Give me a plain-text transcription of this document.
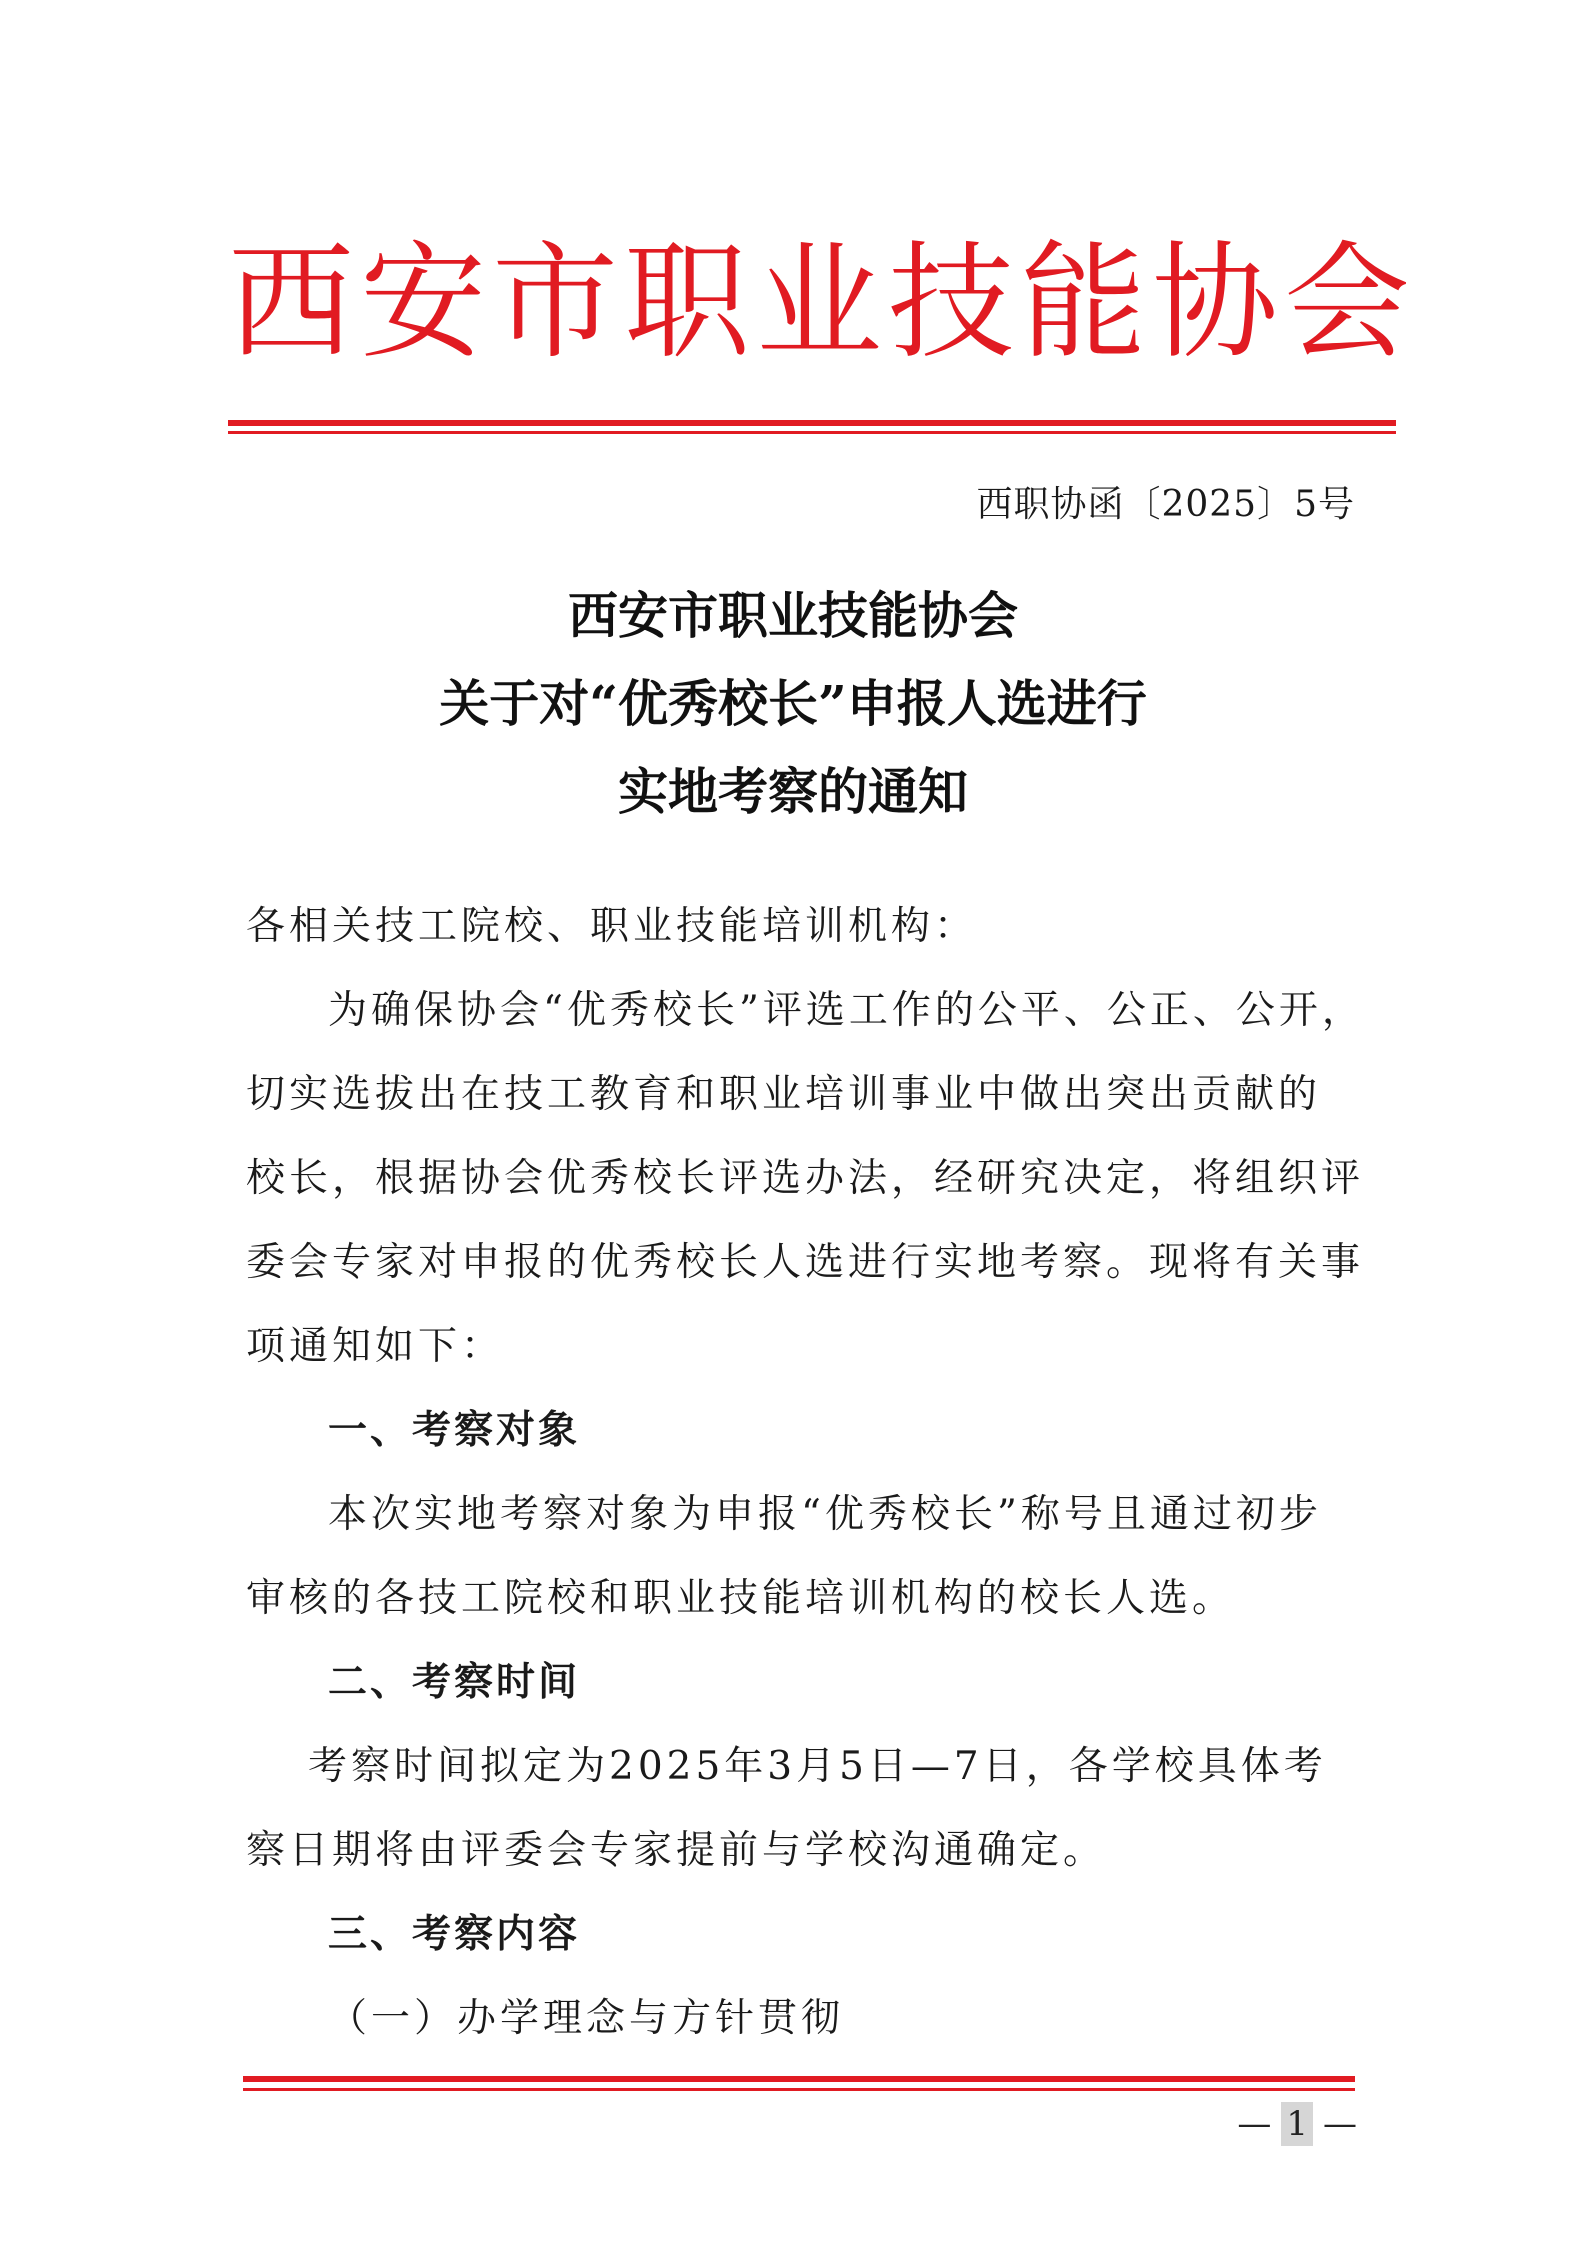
西安市职业技能协会
西职协函〔2025〕5号
西安市职业技能协会
关于对“优秀校长”申报人选进行
实地考察的通知

各相关技工院校、职业技能培训机构：

为确保协会“优秀校长”评选工作的公平、公正、公开，

切实选拔出在技工教育和职业培训事业中做出突出贡献的

校长，根据协会优秀校长评选办法，经研究决定，将组织评

委会专家对申报的优秀校长人选进行实地考察。现将有关事

项通知如下：

一、考察对象

本次实地考察对象为申报“优秀校长”称号且通过初步

审核的各技工院校和职业技能培训机构的校长人选。

二、考察时间

考察时间拟定为2025年3月5日—7日，各学校具体考

察日期将由评委会专家提前与学校沟通确定。

三、考察内容

（一）办学理念与方针贯彻

— 1 —
